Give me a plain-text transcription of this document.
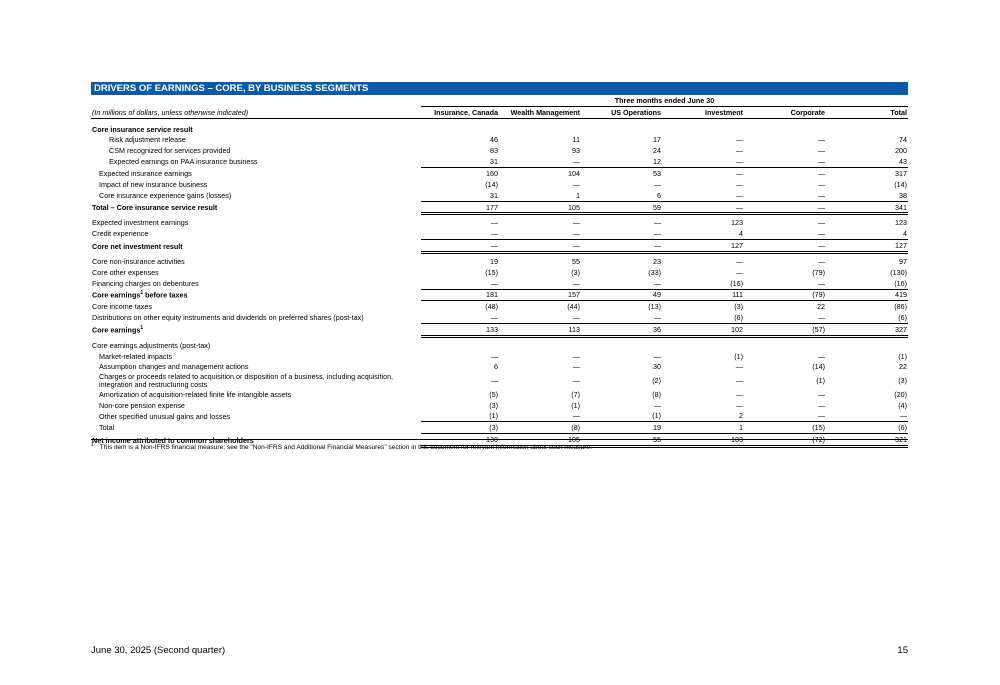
DRIVERS OF EARNINGS – CORE, BY BUSINESS SEGMENTS
	Three months ended June 30					
(In millions of dollars, unless otherwise indicated)	Insurance, Canada	Wealth Management	US Operations	Investment	Corporate	Total

Core insurance service result						
Risk adjustment release	46	11	17	—	—	74
CSM recognized for services provided	83	93	24	—	—	200
Expected earnings on PAA insurance business	31	—	12	—	—	43
Expected insurance earnings	160	104	53	—	—	317
Impact of new insurance business	(14)	—	—	—	—	(14)
Core insurance experience gains (losses)	31	1	6	—	—	38
Total – Core insurance service result	177	105	59	—	—	341

Expected investment earnings	—	—	—	123	—	123
Credit experience	—	—	—	4	—	4
Core net investment result	—	—	—	127	—	127

Core non-insurance activities	19	55	23	—	—	97
Core other expenses	(15)	(3)	(33)	—	(79)	(130)
Financing charges on debentures	—	—	—	(16)	—	(16)
Core earnings$^1$ before taxes	181	157	49	111	(79)	419
Core income taxes	(48)	(44)	(13)	(3)	22	(86)
Distributions on other equity instruments and dividends on preferred shares (post-tax)	—	—	—	(6)	—	(6)
Core earnings$^1$	133	113	36	102	(57)	327

Core earnings adjustments (post-tax)						
Market-related impacts	—	—	—	(1)	—	(1)
Assumption changes and management actions	6	—	30	—	(14)	22
Charges or proceeds related to acquisition or disposition of a business, including acquisition, integration and restructuring costs	—	—	(2)	—	(1)	(3)
Amortization of acquisition-related finite life intangible assets	(5)	(7)	(8)	—	—	(20)
Non-core pension expense	(3)	(1)	—	—	—	(4)
Other specified unusual gains and losses	(1)	—	(1)	2	—	—
Total	(3)	(8)	19	1	(15)	(6)
Net income attributed to common shareholders	130	105	55	103	(72)	321
$^1$ This item is a Non-IFRS financial measure; see the "Non-IFRS and Additional Financial Measures" section in this document for relevant information about such measure.
June 30, 2025 (Second quarter)	15
